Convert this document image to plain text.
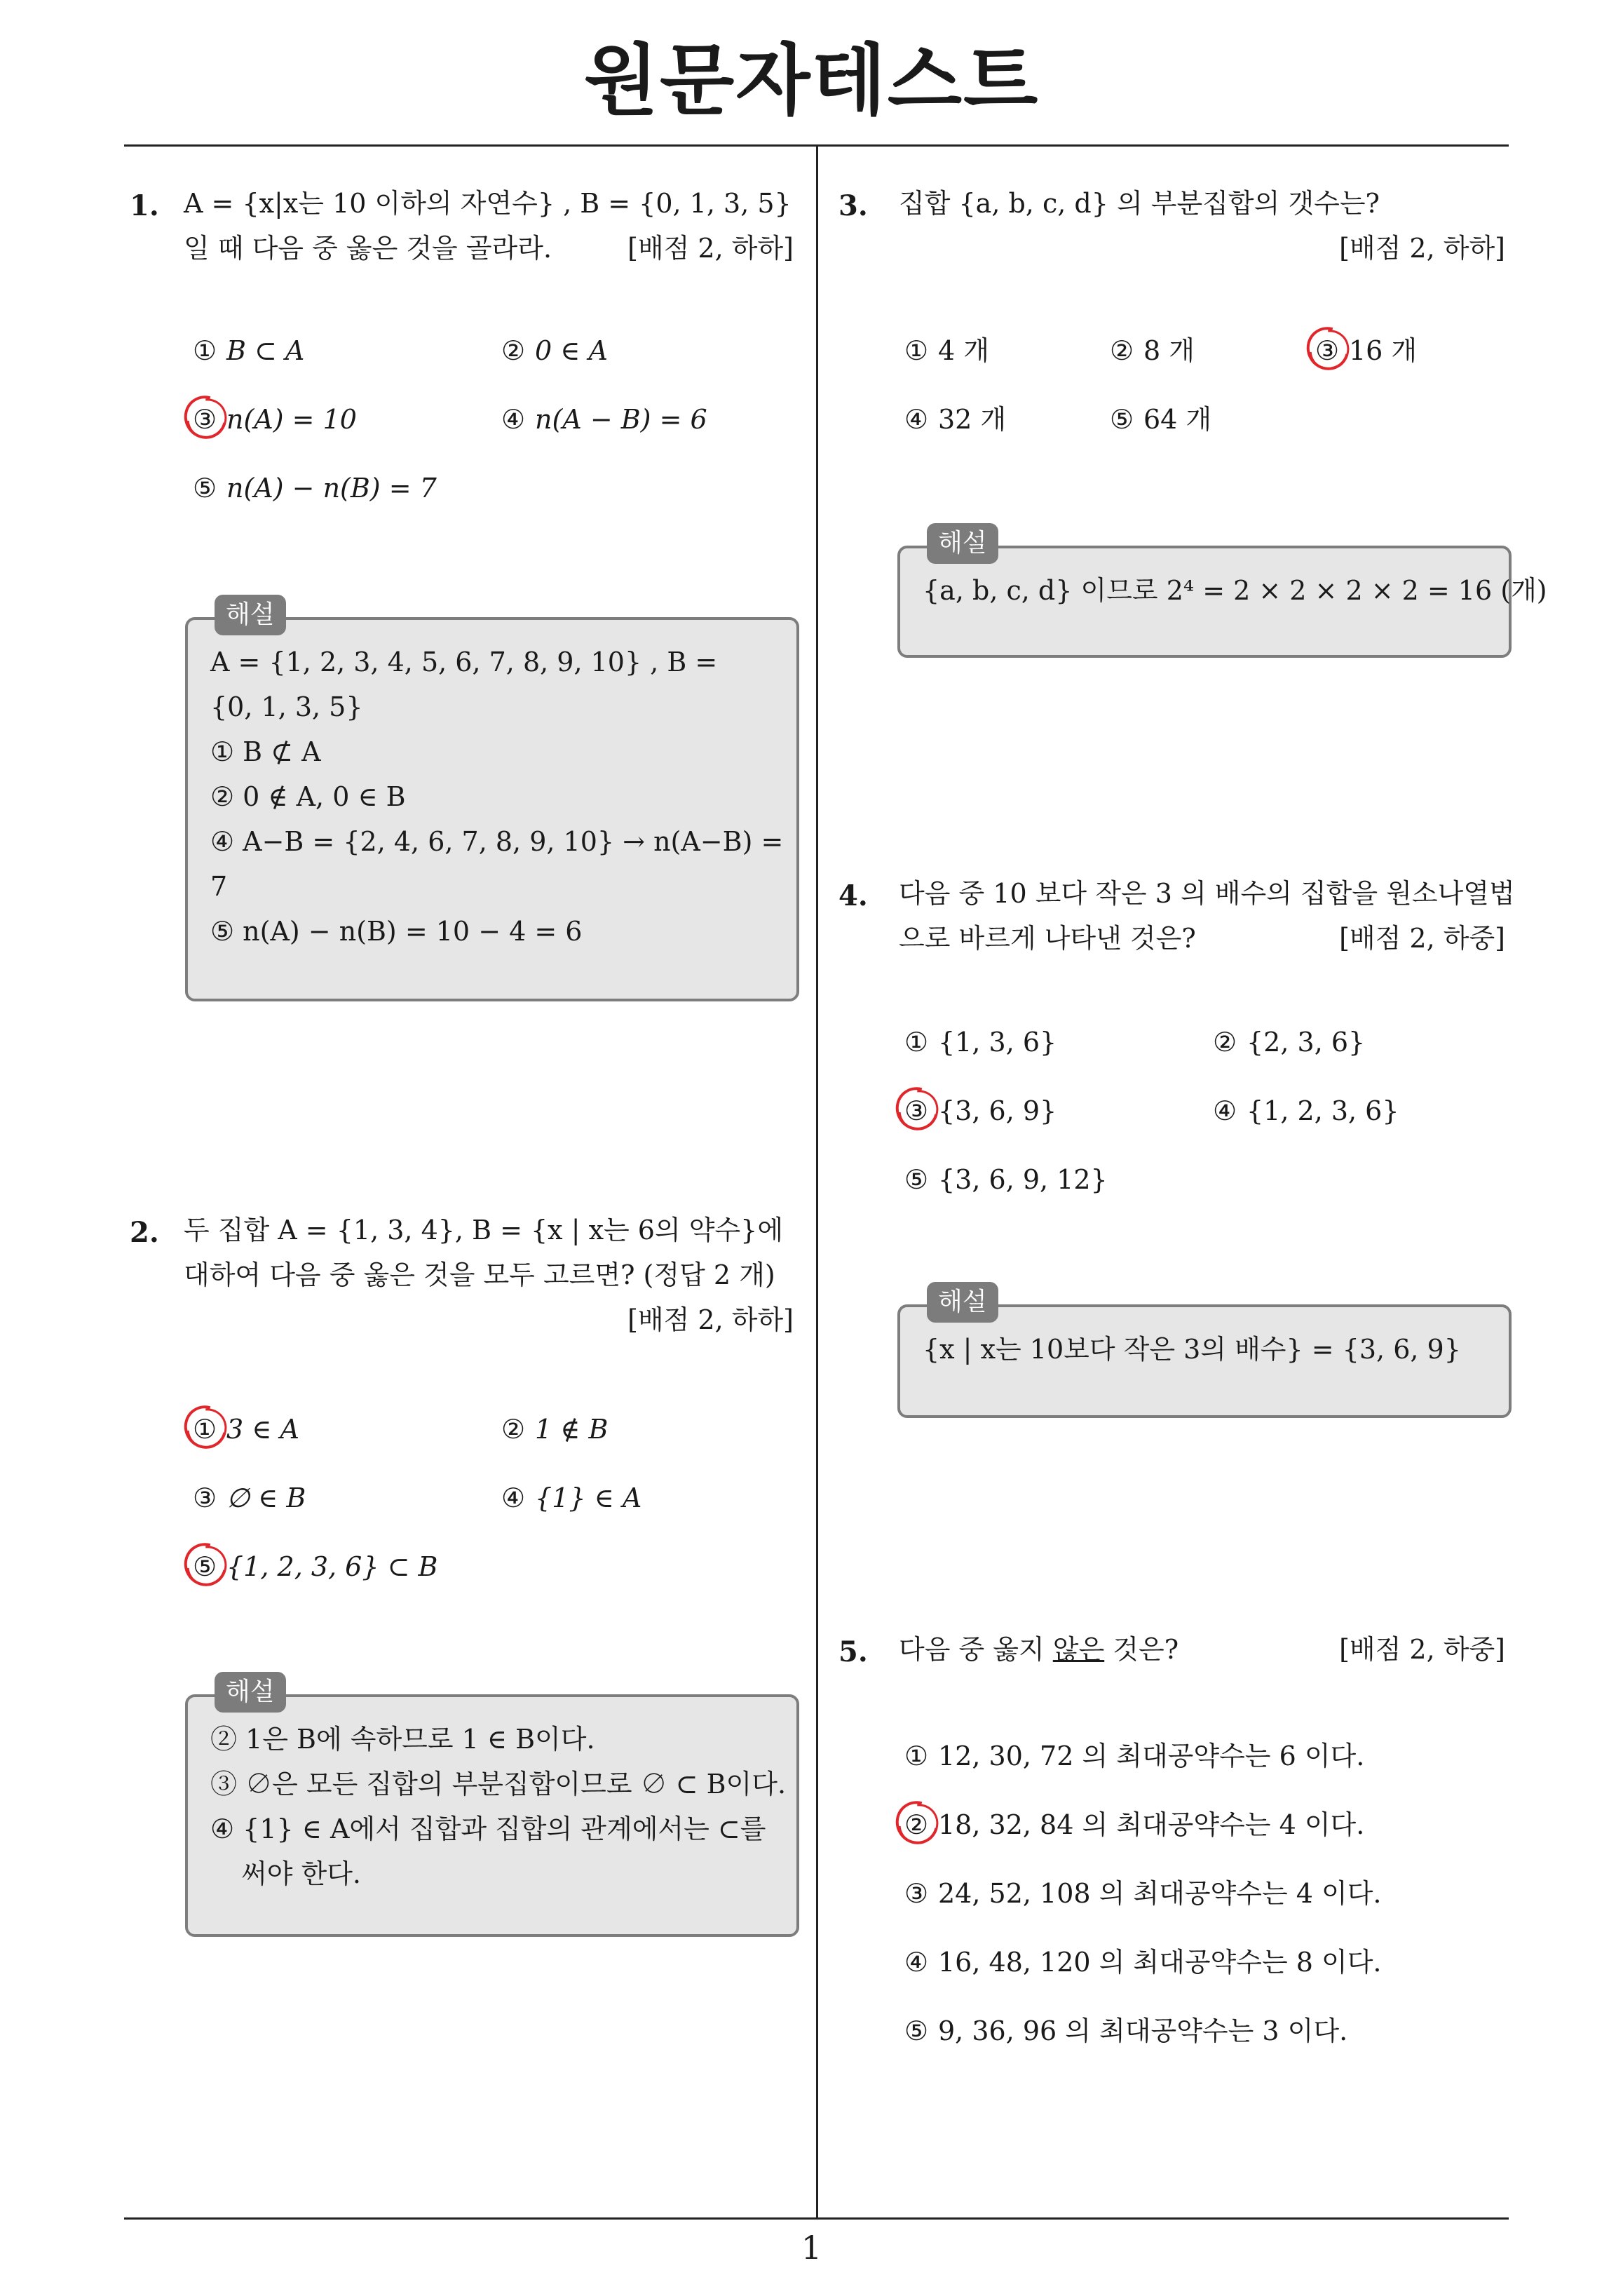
원문자테스트
1
1. A = {x|x는 10 이하의 자연수} , B = {0, 1, 3, 5}
일 때 다음 중 옳은 것을 골라라.	[배점 2, 하하]
① B ⊂ A	② 0 ∈ A
③ n(A) = 10	④ n(A − B) = 6
⑤ n(A) − n(B) = 7
해설
A = {1, 2, 3, 4, 5, 6, 7, 8, 9, 10} , B =
{0, 1, 3, 5}
① B ⊄ A
② 0 ∉ A, 0 ∈ B
④ A−B = {2, 4, 6, 7, 8, 9, 10} → n(A−B) =
7
⑤ n(A) − n(B) = 10 − 4 = 6
2. 두 집합 A = {1, 3, 4}, B = {x | x는 6의 약수}에
대하여 다음 중 옳은 것을 모두 고르면? (정답 2 개)
[배점 2, 하하]
① 3 ∈ A	② 1 ∉ B
③ ∅ ∈ B	④ {1} ∈ A
⑤ {1, 2, 3, 6} ⊂ B
해설
② 1은 B에 속하므로 1 ∈ B이다.
③ ∅은 모든 집합의 부분집합이므로 ∅ ⊂ B이다.
④ {1} ∈ A에서 집합과 집합의 관계에서는 ⊂를
써야 한다.
3. 집합 {a, b, c, d} 의 부분집합의 갯수는?
[배점 2, 하하]
① 4 개	② 8 개	③ 16 개
④ 32 개	⑤ 64 개
해설
{a, b, c, d} 이므로 2⁴ = 2 × 2 × 2 × 2 = 16 (개)
4. 다음 중 10 보다 작은 3 의 배수의 집합을 원소나열법
으로 바르게 나타낸 것은?	[배점 2, 하중]
① {1, 3, 6}	② {2, 3, 6}
③ {3, 6, 9}	④ {1, 2, 3, 6}
⑤ {3, 6, 9, 12}
해설
{x | x는 10보다 작은 3의 배수} = {3, 6, 9}
5. 다음 중 옳지 않은 것은?	[배점 2, 하중]
① 12, 30, 72 의 최대공약수는 6 이다.
② 18, 32, 84 의 최대공약수는 4 이다.
③ 24, 52, 108 의 최대공약수는 4 이다.
④ 16, 48, 120 의 최대공약수는 8 이다.
⑤ 9, 36, 96 의 최대공약수는 3 이다.
